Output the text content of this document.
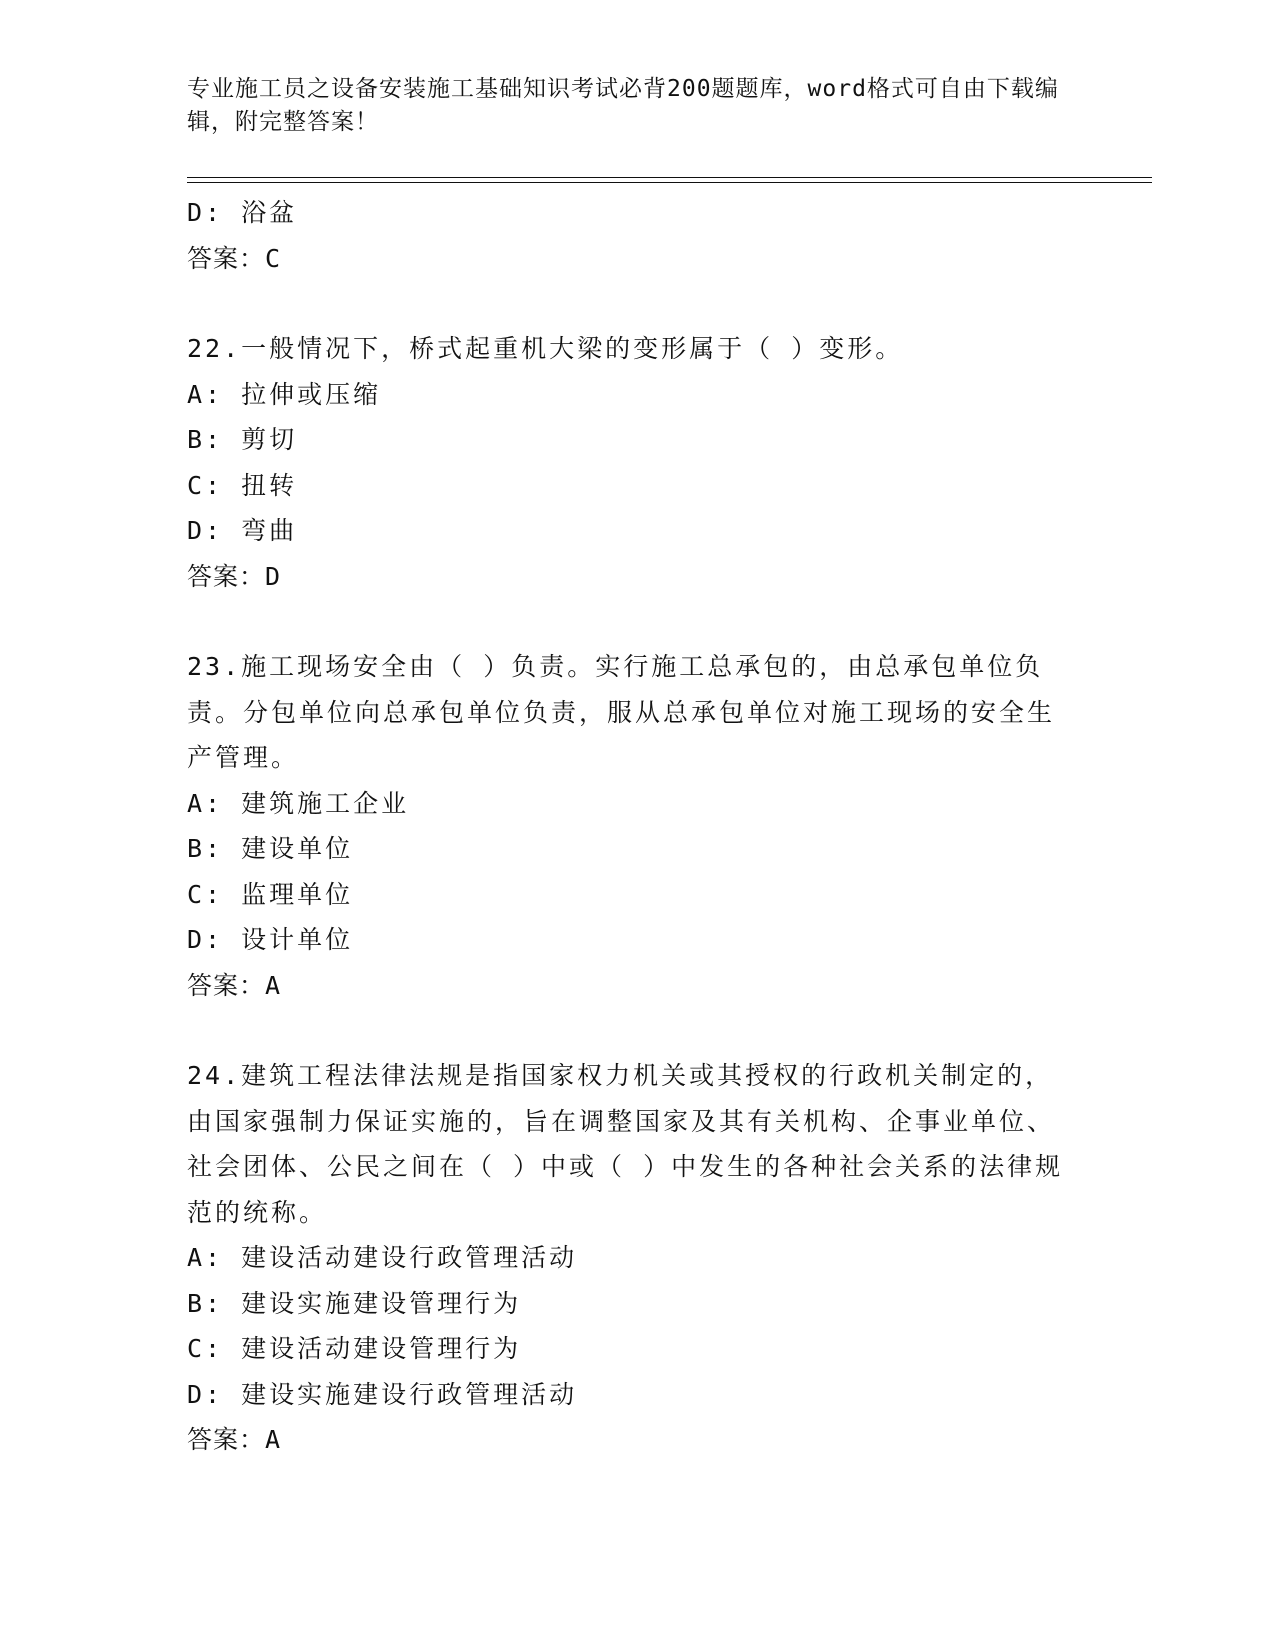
专业施工员之设备安装施工基础知识考试必背200题题库，word格式可自由下载编辑，附完整答案！
D: 浴盆
答案：C
22.一般情况下，桥式起重机大梁的变形属于（ ）变形。
A: 拉伸或压缩
B: 剪切
C: 扭转
D: 弯曲
答案：D
23.施工现场安全由（ ）负责。实行施工总承包的，由总承包单位负责。分包单位向总承包单位负责，服从总承包单位对施工现场的安全生产管理。
A: 建筑施工企业
B: 建设单位
C: 监理单位
D: 设计单位
答案：A
24.建筑工程法律法规是指国家权力机关或其授权的行政机关制定的，由国家强制力保证实施的，旨在调整国家及其有关机构、企事业单位、社会团体、公民之间在（ ）中或（ ）中发生的各种社会关系的法律规范的统称。
A: 建设活动建设行政管理活动
B: 建设实施建设管理行为
C: 建设活动建设管理行为
D: 建设实施建设行政管理活动
答案：A
